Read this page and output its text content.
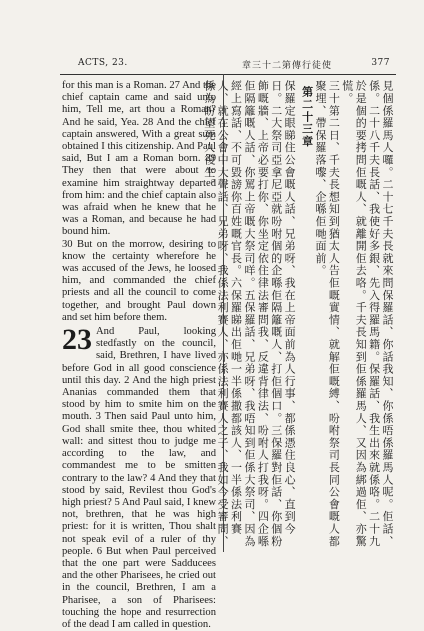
ACTS, 23.	章三十二第傳行徒使	377

for this man is a Roman. 27 And the chief captain came and said unto him, Tell me, art thou a Roman? And he said, Yea. 28 And the chief captain answered, With a great sum obtained I this citizenship. And Paul said, But I am a Roman born. 29 They then that were about to examine him straightway departed from him: and the chief captain also was afraid when he knew that he was a Roman, and because he had bound him.

30 But on the morrow, desiring to know the certainty wherefore he was accused of the Jews, he loosed him, and commanded the chief priests and all the council to come together, and brought Paul down and set him before them.

23 And Paul, looking stedfastly on the council, said, Brethren, I have lived before God in all good conscience until this day. 2 And the high priest Ananias commanded them that stood by him to smite him on the mouth. 3 Then said Paul unto him, God shall smite thee, thou whited wall: and sittest thou to judge me according to the law, and commandest me to be smitten contrary to the law? 4 And they that stood by said, Revilest thou God's high priest? 5 And Paul said, I knew not, brethren, that he was high priest: for it is written, Thou shalt not speak evil of a ruler of thy people. 6 But when Paul perceived that the one part were Sadducees and the other Pharisees, he cried out in the council, Brethren, I am a Pharisee, a son of Pharisees: touching the hope and resurrection of the dead I am called in question.

見個係羅馬人囉。二十七千夫長就來問保羅話、你話我知、你係唔係羅馬人呢。佢話、係。二十八千夫長話、我使好多銀、先入得羅馬籍。保羅話、我生出來就係咯。二十九於是個的要拷問佢嘅人、就離開佢去咯。千夫長知到佢係羅馬人、又因為綁過佢、亦驚慌。

三十第二日、千夫長想知到猶太人告佢嘅實情、就解佢嘅縛、吩咐祭司長同公會嘅人都聚埋、帶保羅落嚟、企喺佢哋面前。

第二十三章

保羅定眼睇住公會嘅人話、兄弟呀、我在上帝面前為人行事、都係憑住良心、直到今日。二大祭司亞拿尼亞就吩咐個的企喺佢隔籬嘅人、打佢個口。三保羅對佢話、你個粉飾嘅牆、上帝必要打你、你坐定依住律法審問我、反違背律法、吩咐人打我呀。四企喺佢隔籬嘅人話、你罵上帝嘅大祭司咩。五保羅話、兄弟呀、我唔知到佢係大祭司、因為經上寫話、不可毀謗你百姓嘅官長。六保羅睇出佢哋一半係撒都該人、一半係法利賽人、就在公會中大聲話、兄弟呀、我係法利賽人、亦係法利賽人之子、我如今受審問、係為盼望死人復生。
